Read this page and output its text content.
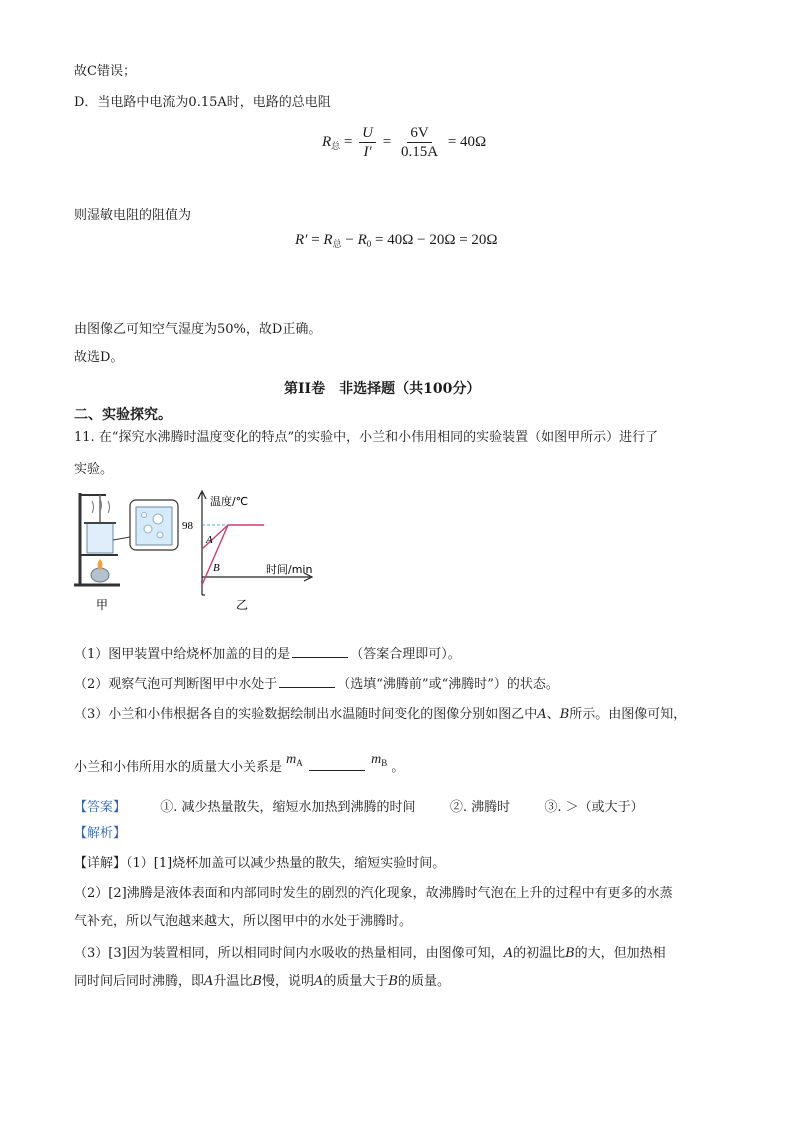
故C错误；
D．当电路中电流为0.15A时，电路的总电阻
$R_总 = \frac{U}{I'} = \frac{6V}{0.15A} = 40\Omega$
则湿敏电阻的阻值为
$R' = R_总 - R_0 = 40\Omega - 20\Omega = 20\Omega$
由图像乙可知空气湿度为50%，故D正确。
故选D。
第II卷　非选择题（共100分）
二、实验探究。
11. 在“探究水沸腾时温度变化的特点”的实验中，小兰和小伟用相同的实验装置（如图甲所示）进行了
实验。
甲
温度/℃
98
A
B	时间/min
乙
（1）图甲装置中给烧杯加盖的目的是	（答案合理即可）。
（2）观察气泡可判断图甲中水处于	（选填“沸腾前”或“沸腾时”）的状态。
（3）小兰和小伟根据各自的实验数据绘制出水温随时间变化的图像分别如图乙中A、B所示。由图像可知，
小兰和小伟所用水的质量大小关系是 $m_A$	$m_B$ 。
【答案】	①. 减少热量散失，缩短水加热到沸腾的时间	②. 沸腾时	③. ＞（或大于）
【解析】
【详解】（1）[1]烧杯加盖可以减少热量的散失，缩短实验时间。
（2）[2]沸腾是液体表面和内部同时发生的剧烈的汽化现象，故沸腾时气泡在上升的过程中有更多的水蒸
气补充，所以气泡越来越大，所以图甲中的水处于沸腾时。
（3）[3]因为装置相同，所以相同时间内水吸收的热量相同，由图像可知，A的初温比B的大，但加热相
同时间后同时沸腾，即A升温比B慢，说明A的质量大于B的质量。
